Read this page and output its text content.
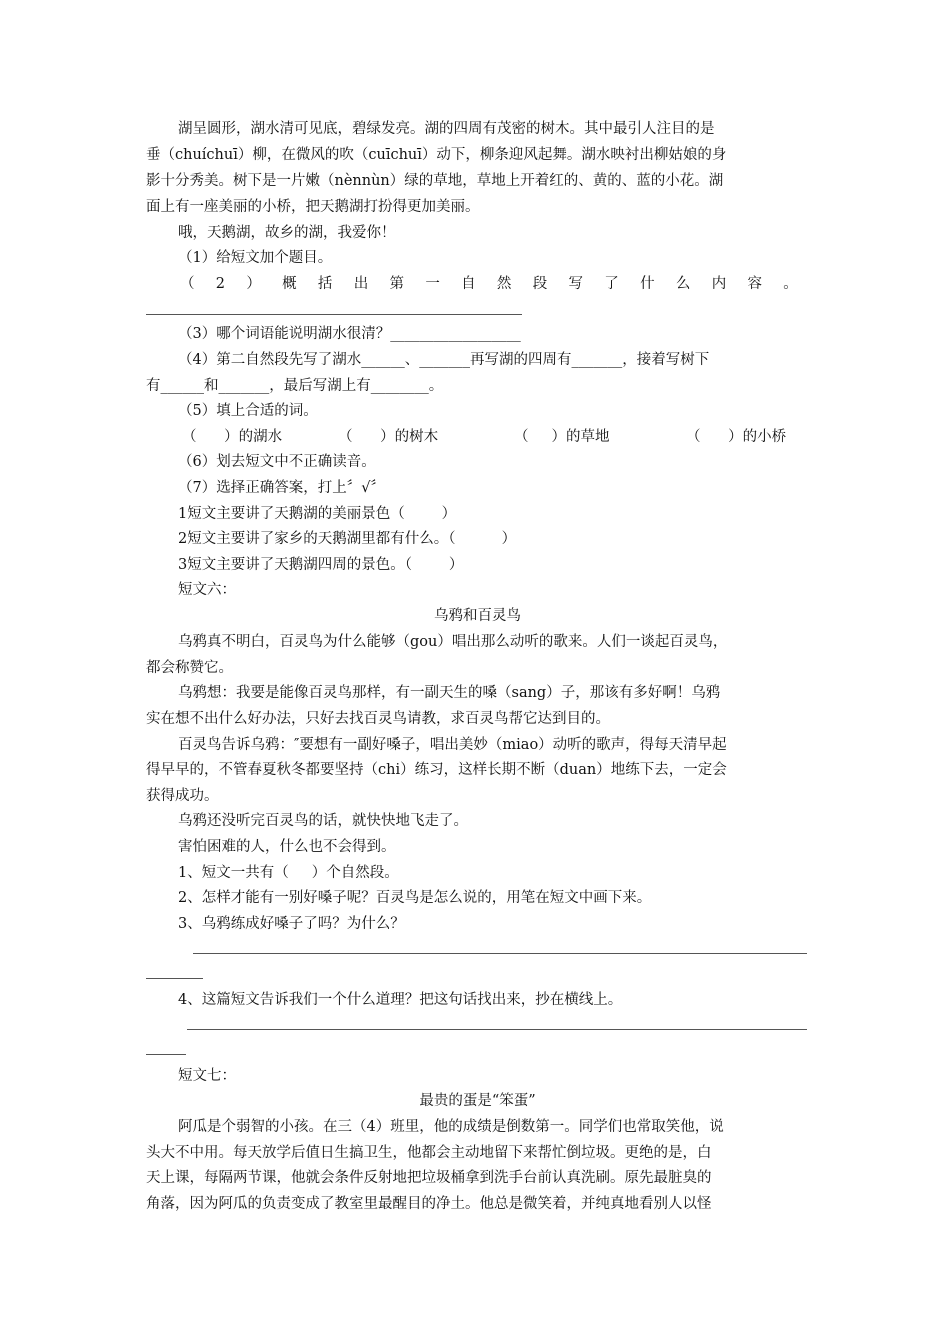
湖呈圆形，湖水清可见底，碧绿发亮。湖的四周有茂密的树木。其中最引人注目的是
垂（chuíchuī）柳，在微风的吹（cuīchuī）动下，柳条迎风起舞。湖水映衬出柳姑娘的身
影十分秀美。树下是一片嫩（nènnùn）绿的草地，草地上开着红的、黄的、蓝的小花。湖
面上有一座美丽的小桥，把天鹅湖打扮得更加美丽。
哦，天鹅湖，故乡的湖，我爱你！
（1）给短文加个题目。
（ 2 ） 概 括 出 第 一 自 然 段 写 了 什 么 内 容 。
（3）哪个词语能说明湖水很清？__________________
（4）第二自然段先写了湖水______、_______再写湖的四周有_______，接着写树下
有______和_______，最后写湖上有________。
（5）填上合适的词。
（      ）的湖水	（      ）的树木	（     ）的草地	（      ）的小桥
（6）划去短文中不正确读音。
（7）选择正确答案，打上〞√〞
1短文主要讲了天鹅湖的美丽景色（        ）
2短文主要讲了家乡的天鹅湖里都有什么。（          ）
3短文主要讲了天鹅湖四周的景色。（        ）
短文六：
乌鸦和百灵鸟
乌鸦真不明白，百灵鸟为什么能够（gou）唱出那么动听的歌来。人们一谈起百灵鸟，
都会称赞它。
乌鸦想：我要是能像百灵鸟那样，有一副天生的嗓（sang）子，那该有多好啊！乌鸦
实在想不出什么好办法，只好去找百灵鸟请教，求百灵鸟帮它达到目的。
百灵鸟告诉乌鸦：″要想有一副好嗓子，唱出美妙（miao）动听的歌声，得每天清早起
得早早的，不管春夏秋冬都要坚持（chi）练习，这样长期不断（duan）地练下去，一定会
获得成功。
乌鸦还没听完百灵鸟的话，就快快地飞走了。
害怕困难的人，什么也不会得到。
1、短文一共有（     ）个自然段。
2、怎样才能有一别好嗓子呢？百灵鸟是怎么说的，用笔在短文中画下来。
3、乌鸦练成好嗓子了吗？为什么？
4、这篇短文告诉我们一个什么道理？把这句话找出来，抄在横线上。
短文七：
最贵的蛋是“笨蛋”
阿瓜是个弱智的小孩。在三（4）班里，他的成绩是倒数第一。同学们也常取笑他，说
头大不中用。每天放学后值日生搞卫生，他都会主动地留下来帮忙倒垃圾。更绝的是，白
天上课，每隔两节课，他就会条件反射地把垃圾桶拿到洗手台前认真洗刷。原先最脏臭的
角落，因为阿瓜的负责变成了教室里最醒目的净土。他总是微笑着，并纯真地看别人以怪
